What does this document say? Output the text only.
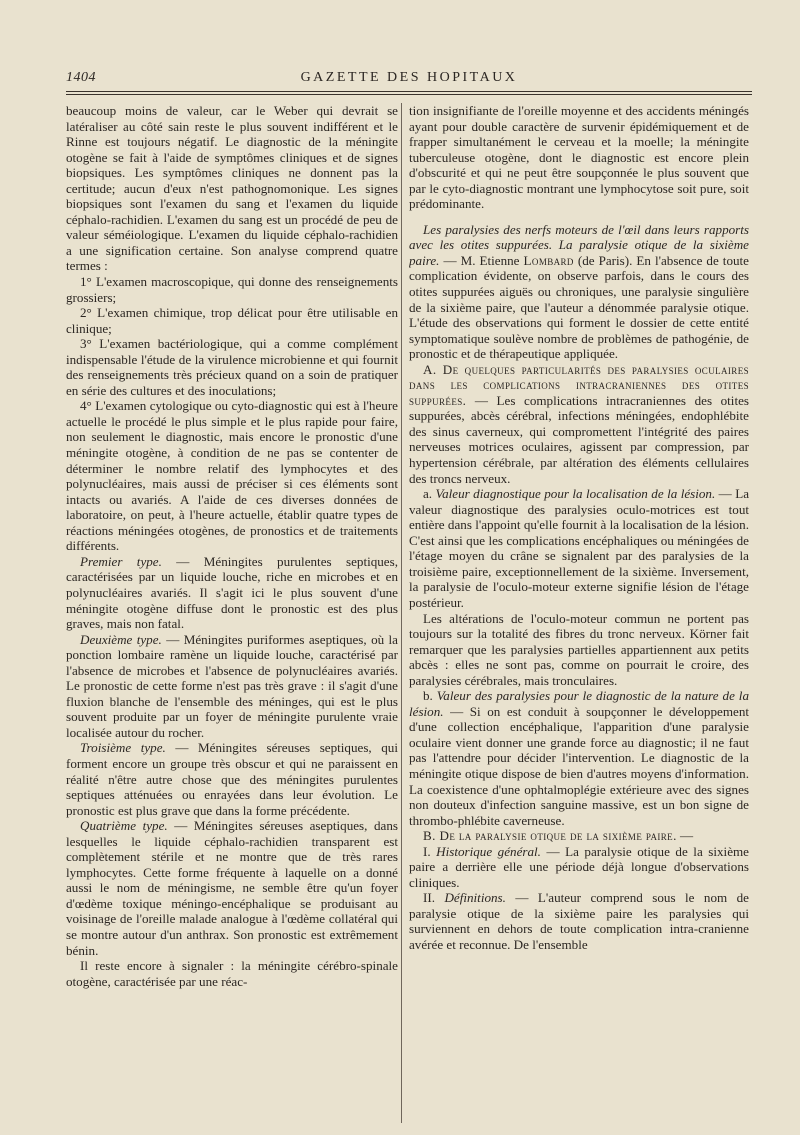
1404	GAZETTE DES HOPITAUX

beaucoup moins de valeur, car le Weber qui devrait se latéraliser au côté sain reste le plus souvent indifférent et le Rinne est toujours négatif. Le diagnostic de la méningite otogène se fait à l'aide de symptômes cliniques et de signes biopsiques. Les symptômes cliniques ne donnent pas la certitude; aucun d'eux n'est pathognomonique. Les signes biopsiques sont l'examen du sang et l'examen du liquide céphalo-rachidien. L'examen du sang est un procédé de peu de valeur séméiologique. L'examen du liquide céphalo-rachidien a une signification certaine. Son analyse comprend quatre termes :

1° L'examen macroscopique, qui donne des renseignements grossiers;

2° L'examen chimique, trop délicat pour être utilisable en clinique;

3° L'examen bactériologique, qui a comme complément indispensable l'étude de la virulence microbienne et qui fournit des renseignements très précieux quand on a soin de pratiquer en série des cultures et des inoculations;

4° L'examen cytologique ou cyto-diagnostic qui est à l'heure actuelle le procédé le plus simple et le plus rapide pour faire, non seulement le diagnostic, mais encore le pronostic d'une méningite otogène, à condition de ne pas se contenter de déterminer le nombre relatif des lymphocytes et des polynucléaires, mais aussi de préciser si ces éléments sont intacts ou avariés. A l'aide de ces diverses données de laboratoire, on peut, à l'heure actuelle, établir quatre types de réactions méningées otogènes, de pronostics et de traitements différents.

Premier type. — Méningites purulentes septiques, caractérisées par un liquide louche, riche en microbes et en polynucléaires avariés. Il s'agit ici le plus souvent d'une méningite otogène diffuse dont le pronostic est des plus graves, mais non fatal.

Deuxième type. — Méningites puriformes aseptiques, où la ponction lombaire ramène un liquide louche, caractérisé par l'absence de microbes et l'absence de polynucléaires avariés. Le pronostic de cette forme n'est pas très grave : il s'agit d'une fluxion blanche de l'ensemble des méninges, qui est le plus souvent produite par un foyer de méningite purulente vraie localisée autour du rocher.

Troisième type. — Méningites séreuses septiques, qui forment encore un groupe très obscur et qui ne paraissent en réalité n'être autre chose que des méningites purulentes septiques atténuées ou enrayées dans leur évolution. Le pronostic est plus grave que dans la forme précédente.

Quatrième type. — Méningites séreuses aseptiques, dans lesquelles le liquide céphalo-rachidien transparent est complètement stérile et ne montre que de très rares lymphocytes. Cette forme fréquente à laquelle on a donné aussi le nom de méningisme, ne semble être qu'un foyer d'œdème toxique méningo-encéphalique se produisant au voisinage de l'oreille malade analogue à l'œdème collatéral qui se montre autour d'un anthrax. Son pronostic est extrêmement bénin.

Il reste encore à signaler : la méningite cérébro-spinale otogène, caractérisée par une réac-

tion insignifiante de l'oreille moyenne et des accidents méningés ayant pour double caractère de survenir épidémiquement et de frapper simultanément le cerveau et la moelle; la méningite tuberculeuse otogène, dont le diagnostic est encore plein d'obscurité et qui ne peut être soupçonnée le plus souvent que par le cyto-diagnostic montrant une lymphocytose soit pure, soit prédominante.

Les paralysies des nerfs moteurs de l'œil dans leurs rapports avec les otites suppurées. La paralysie otique de la sixième paire. — M. Etienne Lombard (de Paris). En l'absence de toute complication évidente, on observe parfois, dans le cours des otites suppurées aiguës ou chroniques, une paralysie singulière de la sixième paire, que l'auteur a dénommée paralysie otique. L'étude des observations qui forment le dossier de cette entité symptomatique soulève nombre de problèmes de pathogénie, de pronostic et de thérapeutique appliquée.

A. De quelques particularités des paralysies oculaires dans les complications intracraniennes des otites suppurées. — Les complications intracraniennes des otites suppurées, abcès cérébral, infections méningées, endophlébite des sinus caverneux, qui compromettent l'intégrité des paires nerveuses motrices oculaires, agissent par compression, par hypertension cérébrale, par altération des éléments cellulaires des troncs nerveux.

a. Valeur diagnostique pour la localisation de la lésion. — La valeur diagnostique des paralysies oculo-motrices est tout entière dans l'appoint qu'elle fournit à la localisation de la lésion. C'est ainsi que les complications encéphaliques ou méningées de l'étage moyen du crâne se signalent par des paralysies de la troisième paire, exceptionnellement de la sixième. Inversement, la paralysie de l'oculo-moteur externe signifie lésion de l'étage postérieur.

Les altérations de l'oculo-moteur commun ne portent pas toujours sur la totalité des fibres du tronc nerveux. Körner fait remarquer que les paralysies partielles appartiennent aux petits abcès : elles ne sont pas, comme on pourrait le croire, des paralysies cérébrales, mais tronculaires.

b. Valeur des paralysies pour le diagnostic de la nature de la lésion. — Si on est conduit à soupçonner le développement d'une collection encéphalique, l'apparition d'une paralysie oculaire vient donner une grande force au diagnostic; il ne faut pas l'attendre pour décider l'intervention. Le diagnostic de la méningite otique dispose de bien d'autres moyens d'information. La coexistence d'une ophtalmoplégie extérieure avec des signes non douteux d'infection sanguine massive, est un bon signe de thrombo-phlébite caverneuse.

B. De la paralysie otique de la sixième paire. —

I. Historique général. — La paralysie otique de la sixième paire a derrière elle une période déjà longue d'observations cliniques.

II. Définitions. — L'auteur comprend sous le nom de paralysie otique de la sixième paire les paralysies qui surviennent en dehors de toute complication intra-cranienne avérée et reconnue. De l'ensemble
